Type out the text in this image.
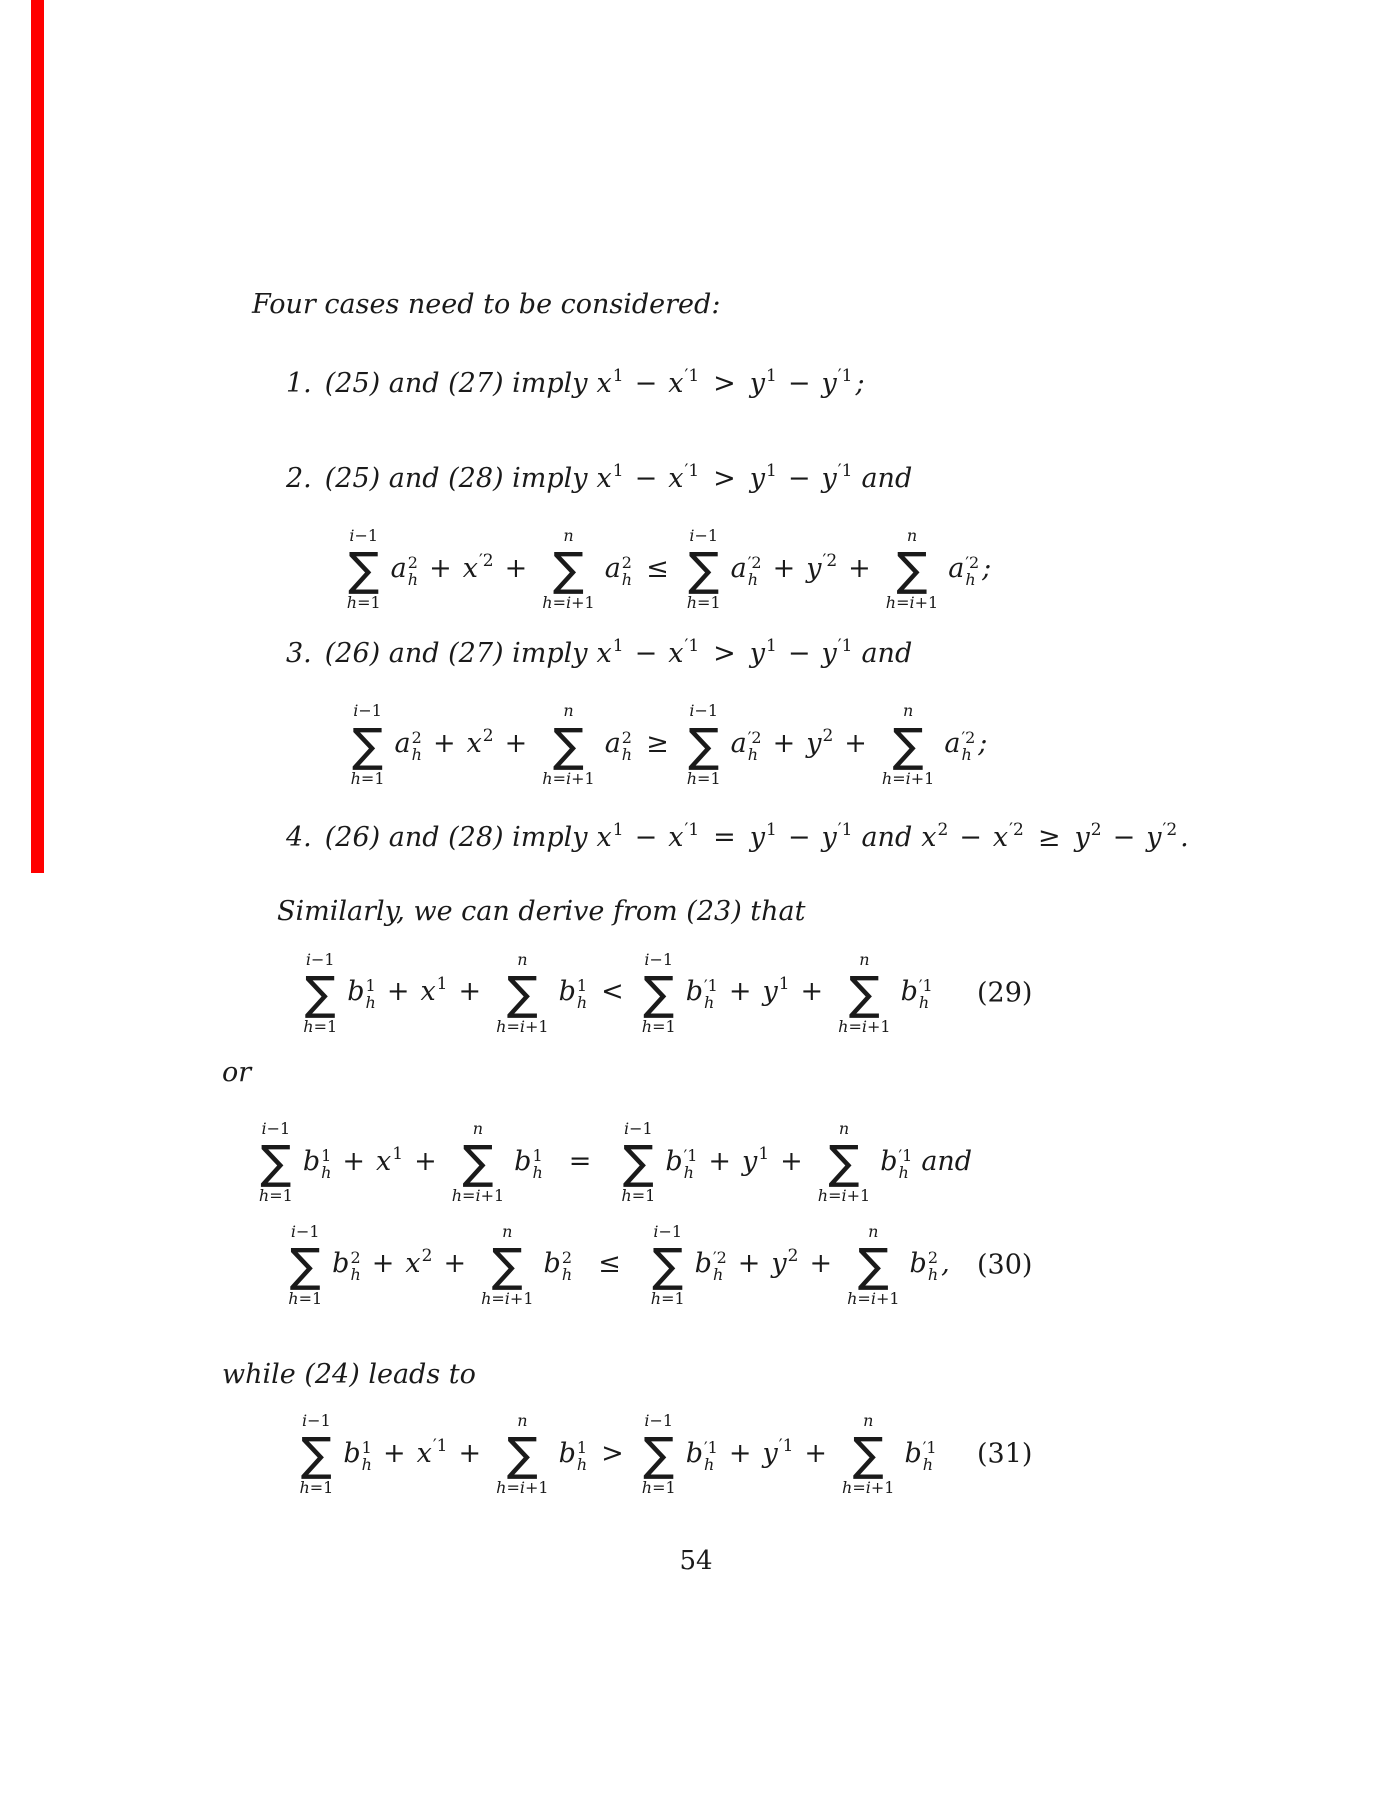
Four cases need to be considered:

1. (25) and (27) imply x 1 − x ′1 > y 1 − y ′1 ;
2. (25) and (28) imply x 1 − x ′1 > y 1 − y ′1 and
i−1
∑
h=1
a 2
h + x ′2 +
n
∑
h=i+1
a 2
h ≤
i−1
∑
h=1
a ′2
h + y ′2 +
n
∑
h=i+1
a ′2
h ;
3. (26) and (27) imply x 1 − x ′1 > y 1 − y ′1 and
i−1
∑
h=1
a 2
h + x 2 +
n
∑
h=i+1
a 2
h ≥
i−1
∑
h=1
a ′2
h + y 2 +
n
∑
h=i+1
a ′2
h ;
4. (26) and (28) imply x 1 − x ′1 = y 1 − y ′1 and x 2 − x ′2 ≥ y 2 − y ′2 .

Similarly, we can derive from (23) that

i−1
∑
h=1
b 1
h + x 1 +
n
∑
h=i+1
b 1
h <
i−1
∑
h=1
b ′1
h + y 1 +
n
∑
h=i+1
b ′1
h (29)

or

i−1
∑
h=1
b 1
h + x 1 +
n
∑
h=i+1
b 1
h =
i−1
∑
h=1
b ′1
h + y 1 +
n
∑
h=i+1
b ′1
h and
i−1
∑
h=1
b 2
h + x 2 +
n
∑
h=i+1
b 2
h ≤
i−1
∑
h=1
b ′2
h + y 2 +
n
∑
h=i+1
b 2
h , (30)

while (24) leads to

i−1
∑
h=1
b 1
h + x ′1 +
n
∑
h=i+1
b 1
h >
i−1
∑
h=1
b ′1
h + y ′1 +
n
∑
h=i+1
b ′1
h (31)

54
